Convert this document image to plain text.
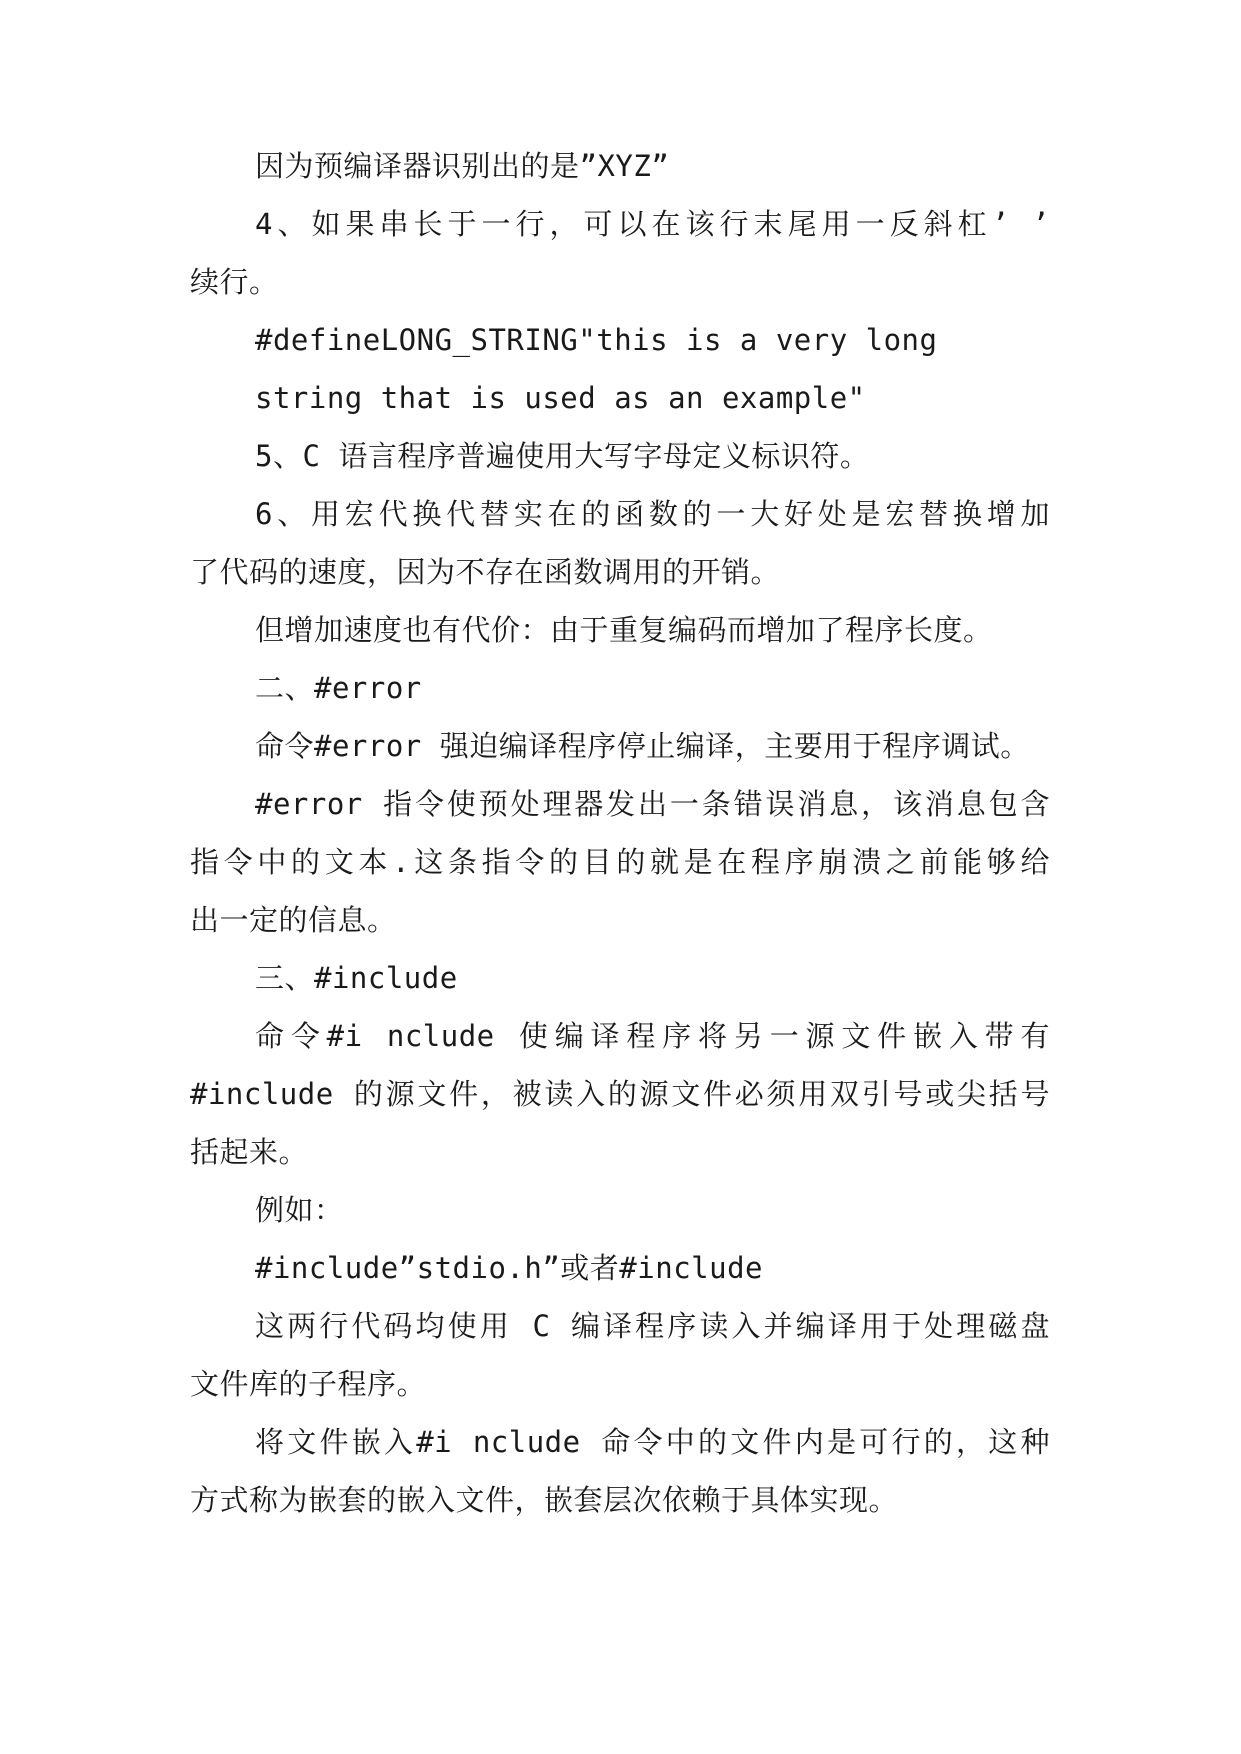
因为预编译器识别出的是”XYZ”
4、如果串长于一行，可以在该行末尾用一反斜杠’ ’
续行。
#defineLONG_STRING"this is a very long
string that is used as an example"
5、C 语言程序普遍使用大写字母定义标识符。
6、用宏代换代替实在的函数的一大好处是宏替换增加
了代码的速度，因为不存在函数调用的开销。
但增加速度也有代价：由于重复编码而增加了程序长度。
二、#error
命令#error 强迫编译程序停止编译，主要用于程序调试。
#error 指令使预处理器发出一条错误消息，该消息包含
指令中的文本.这条指令的目的就是在程序崩溃之前能够给
出一定的信息。
三、#include
命令#i nclude 使编译程序将另一源文件嵌入带有
#include 的源文件，被读入的源文件必须用双引号或尖括号
括起来。
例如：
#include”stdio.h”或者#include
这两行代码均使用 C 编译程序读入并编译用于处理磁盘
文件库的子程序。
将文件嵌入#i nclude 命令中的文件内是可行的，这种
方式称为嵌套的嵌入文件，嵌套层次依赖于具体实现。
